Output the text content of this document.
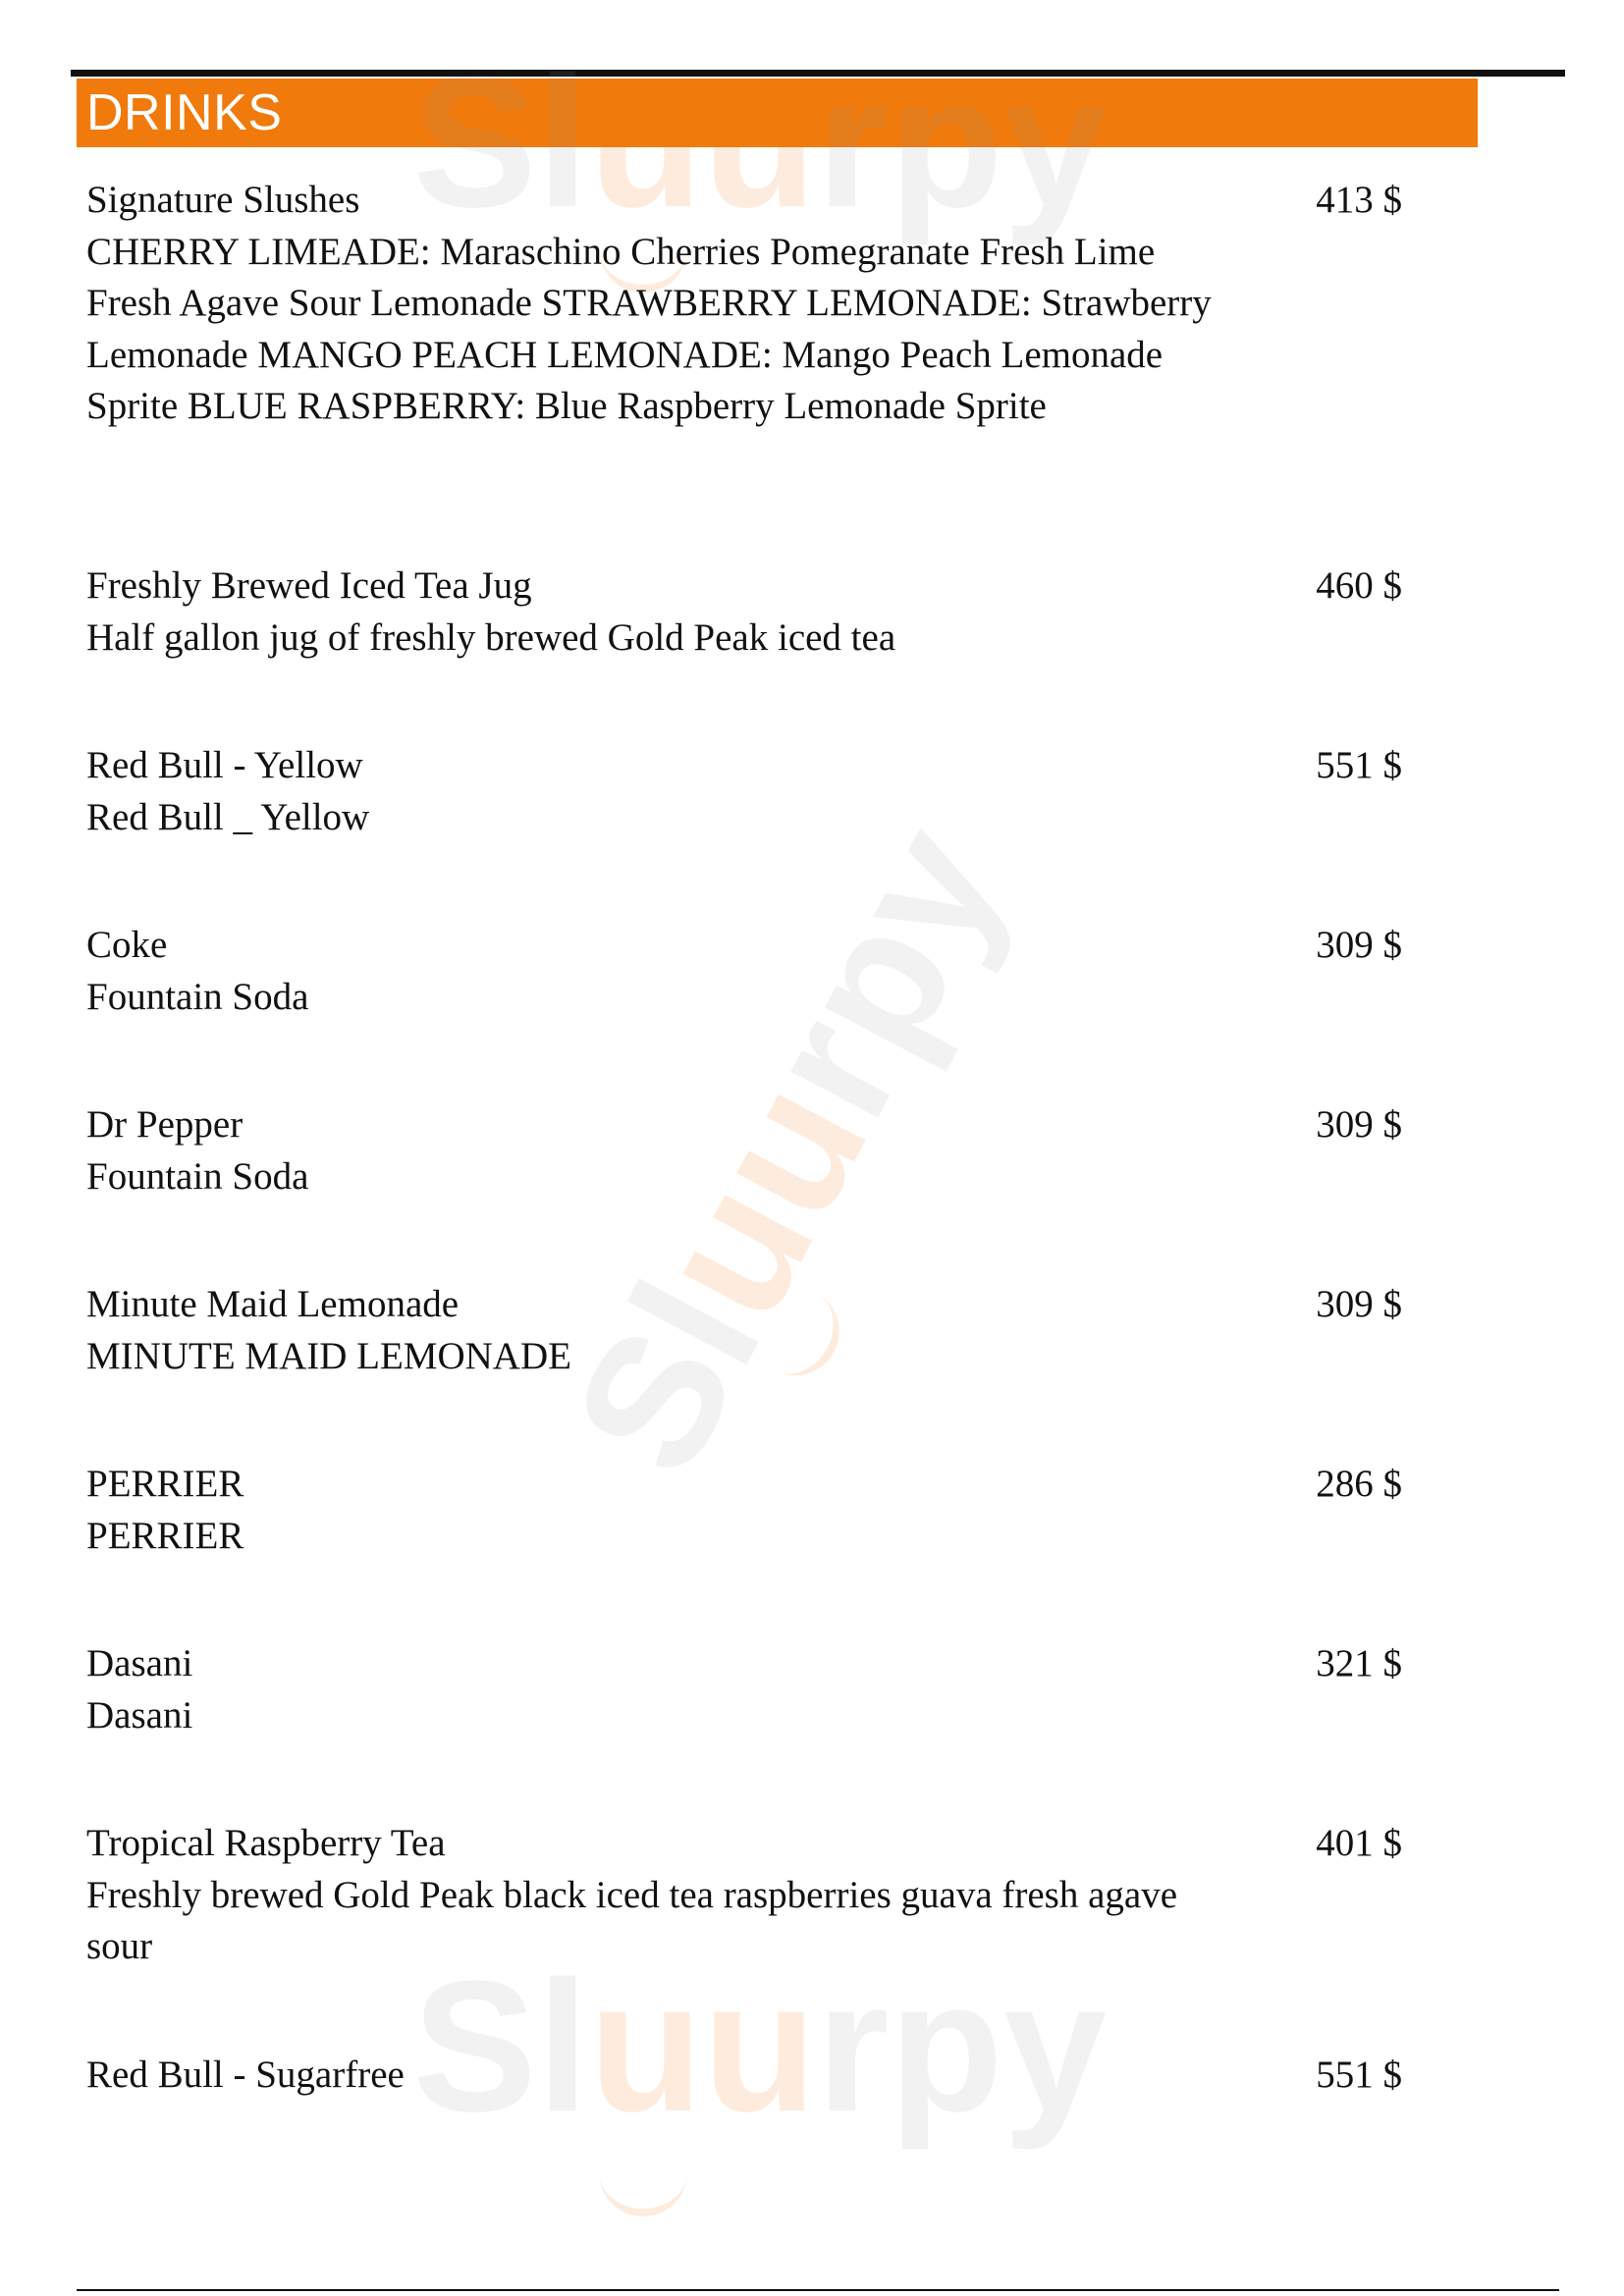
DRINKS
Sluurpy
Sluurpy
Signature Slushes
CHERRY LIMEADE: Maraschino Cherries Pomegranate Fresh Lime Fresh Agave Sour Lemonade STRAWBERRY LEMONADE: Strawberry Lemonade MANGO PEACH LEMONADE: Mango Peach Lemonade Sprite BLUE RASPBERRY: Blue Raspberry Lemonade Sprite
413 $
Freshly Brewed Iced Tea Jug
Half gallon jug of freshly brewed Gold Peak iced tea
460 $
Red Bull - Yellow
Red Bull _ Yellow
551 $
Coke
Fountain Soda
309 $
Dr Pepper
Fountain Soda
309 $
Minute Maid Lemonade
MINUTE MAID LEMONADE
309 $
PERRIER
PERRIER
286 $
Dasani
Dasani
321 $
Tropical Raspberry Tea
Freshly brewed Gold Peak black iced tea raspberries guava fresh agave sour
401 $
Red Bull - Sugarfree	551 $
